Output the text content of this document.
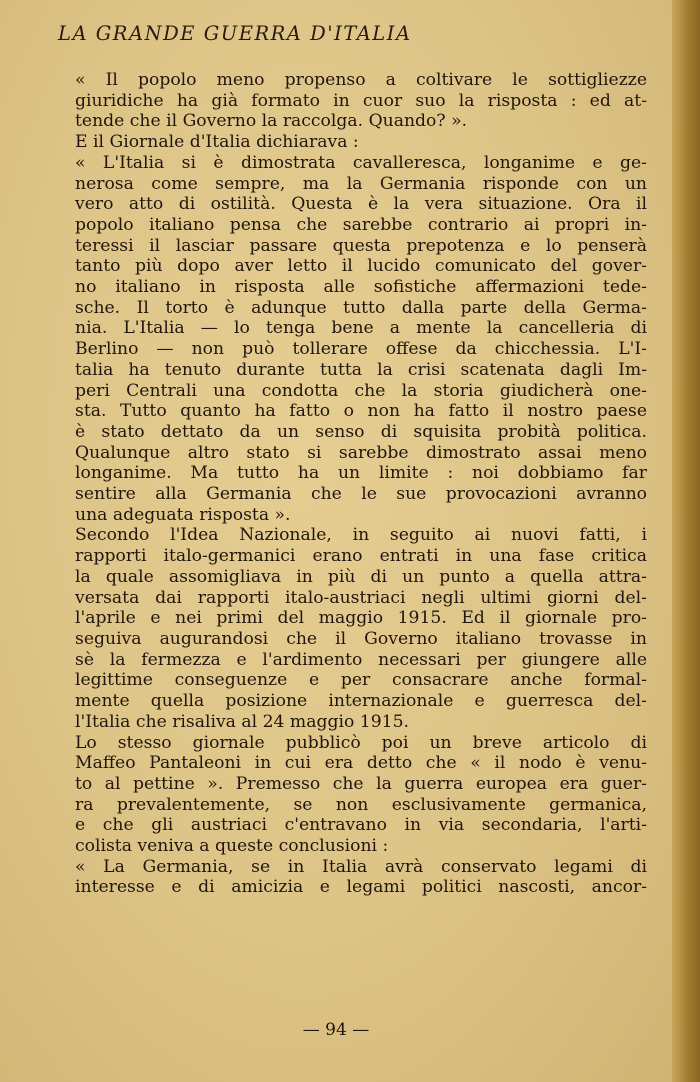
LA GRANDE GUERRA D'ITALIA

« Il popolo meno propenso a coltivare le sottigliezze
giuridiche ha già formato in cuor suo la risposta : ed at-
tende che il Governo la raccolga. Quando? ».

E il Giornale d'Italia dichiarava :

« L'Italia si è dimostrata cavalleresca, longanime e ge-
nerosa come sempre, ma la Germania risponde con un
vero atto di ostilità. Questa è la vera situazione. Ora il
popolo italiano pensa che sarebbe contrario ai propri in-
teressi il lasciar passare questa prepotenza e lo penserà
tanto più dopo aver letto il lucido comunicato del gover-
no italiano in risposta alle sofistiche affermazioni tede-
sche. Il torto è adunque tutto dalla parte della Germa-
nia. L'Italia — lo tenga bene a mente la cancelleria di
Berlino — non può tollerare offese da chicchessia. L'I-
talia ha tenuto durante tutta la crisi scatenata dagli Im-
peri Centrali una condotta che la storia giudicherà one-
sta. Tutto quanto ha fatto o non ha fatto il nostro paese
è stato dettato da un senso di squisita probità politica.
Qualunque altro stato si sarebbe dimostrato assai meno
longanime. Ma tutto ha un limite : noi dobbiamo far
sentire alla Germania che le sue provocazioni avranno
una adeguata risposta ».

Secondo l'Idea Nazionale, in seguito ai nuovi fatti, i
rapporti italo-germanici erano entrati in una fase critica
la quale assomigliava in più di un punto a quella attra-
versata dai rapporti italo-austriaci negli ultimi giorni del-
l'aprile e nei primi del maggio 1915. Ed il giornale pro-
seguiva augurandosi che il Governo italiano trovasse in
sè la fermezza e l'ardimento necessari per giungere alle
legittime conseguenze e per consacrare anche formal-
mente quella posizione internazionale e guerresca del-
l'Italia che risaliva al 24 maggio 1915.

Lo stesso giornale pubblicò poi un breve articolo di
Maffeo Pantaleoni in cui era detto che « il nodo è venu-
to al pettine ». Premesso che la guerra europea era guer-
ra prevalentemente, se non esclusivamente germanica,
e che gli austriaci c'entravano in via secondaria, l'arti-
colista veniva a queste conclusioni :

« La Germania, se in Italia avrà conservato legami di
interesse e di amicizia e legami politici nascosti, ancor-

— 94 —
